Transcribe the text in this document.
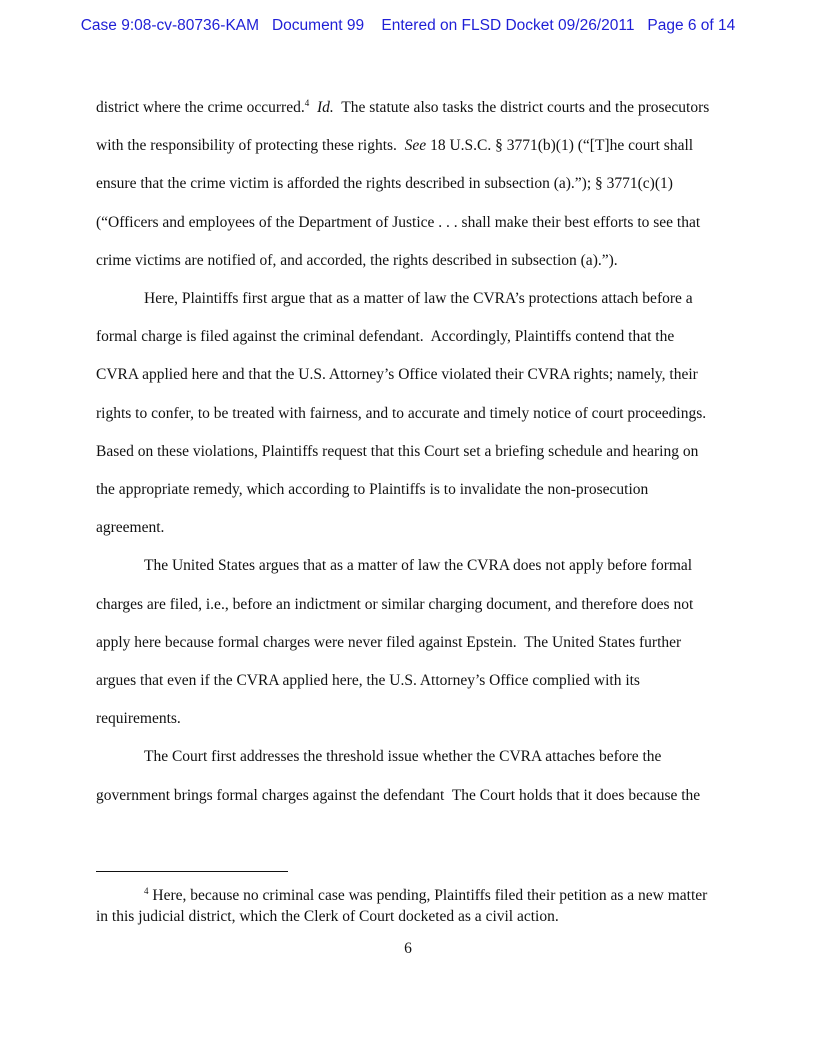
Case 9:08-cv-80736-KAM Document 99 Entered on FLSD Docket 09/26/2011 Page 6 of 14

district where the crime occurred.$^4$ Id.  The statute also tasks the district courts and the prosecutors with the responsibility of protecting these rights.  See 18 U.S.C. § 3771(b)(1) (“[T]he court shall ensure that the crime victim is afforded the rights described in subsection (a).”); § 3771(c)(1) (“Officers and employees of the Department of Justice . . . shall make their best efforts to see that crime victims are notified of, and accorded, the rights described in subsection (a).”).

Here, Plaintiffs first argue that as a matter of law the CVRA’s protections attach before a formal charge is filed against the criminal defendant.  Accordingly, Plaintiffs contend that the CVRA applied here and that the U.S. Attorney’s Office violated their CVRA rights; namely, their rights to confer, to be treated with fairness, and to accurate and timely notice of court proceedings.  Based on these violations, Plaintiffs request that this Court set a briefing schedule and hearing on the appropriate remedy, which according to Plaintiffs is to invalidate the non-prosecution agreement.

The United States argues that as a matter of law the CVRA does not apply before formal charges are filed, i.e., before an indictment or similar charging document, and therefore does not apply here because formal charges were never filed against Epstein.  The United States further argues that even if the CVRA applied here, the U.S. Attorney’s Office complied with its requirements.

The Court first addresses the threshold issue whether the CVRA attaches before the government brings formal charges against the defendant  The Court holds that it does because the

$^4$ Here, because no criminal case was pending, Plaintiffs filed their petition as a new matter in this judicial district, which the Clerk of Court docketed as a civil action.

6
